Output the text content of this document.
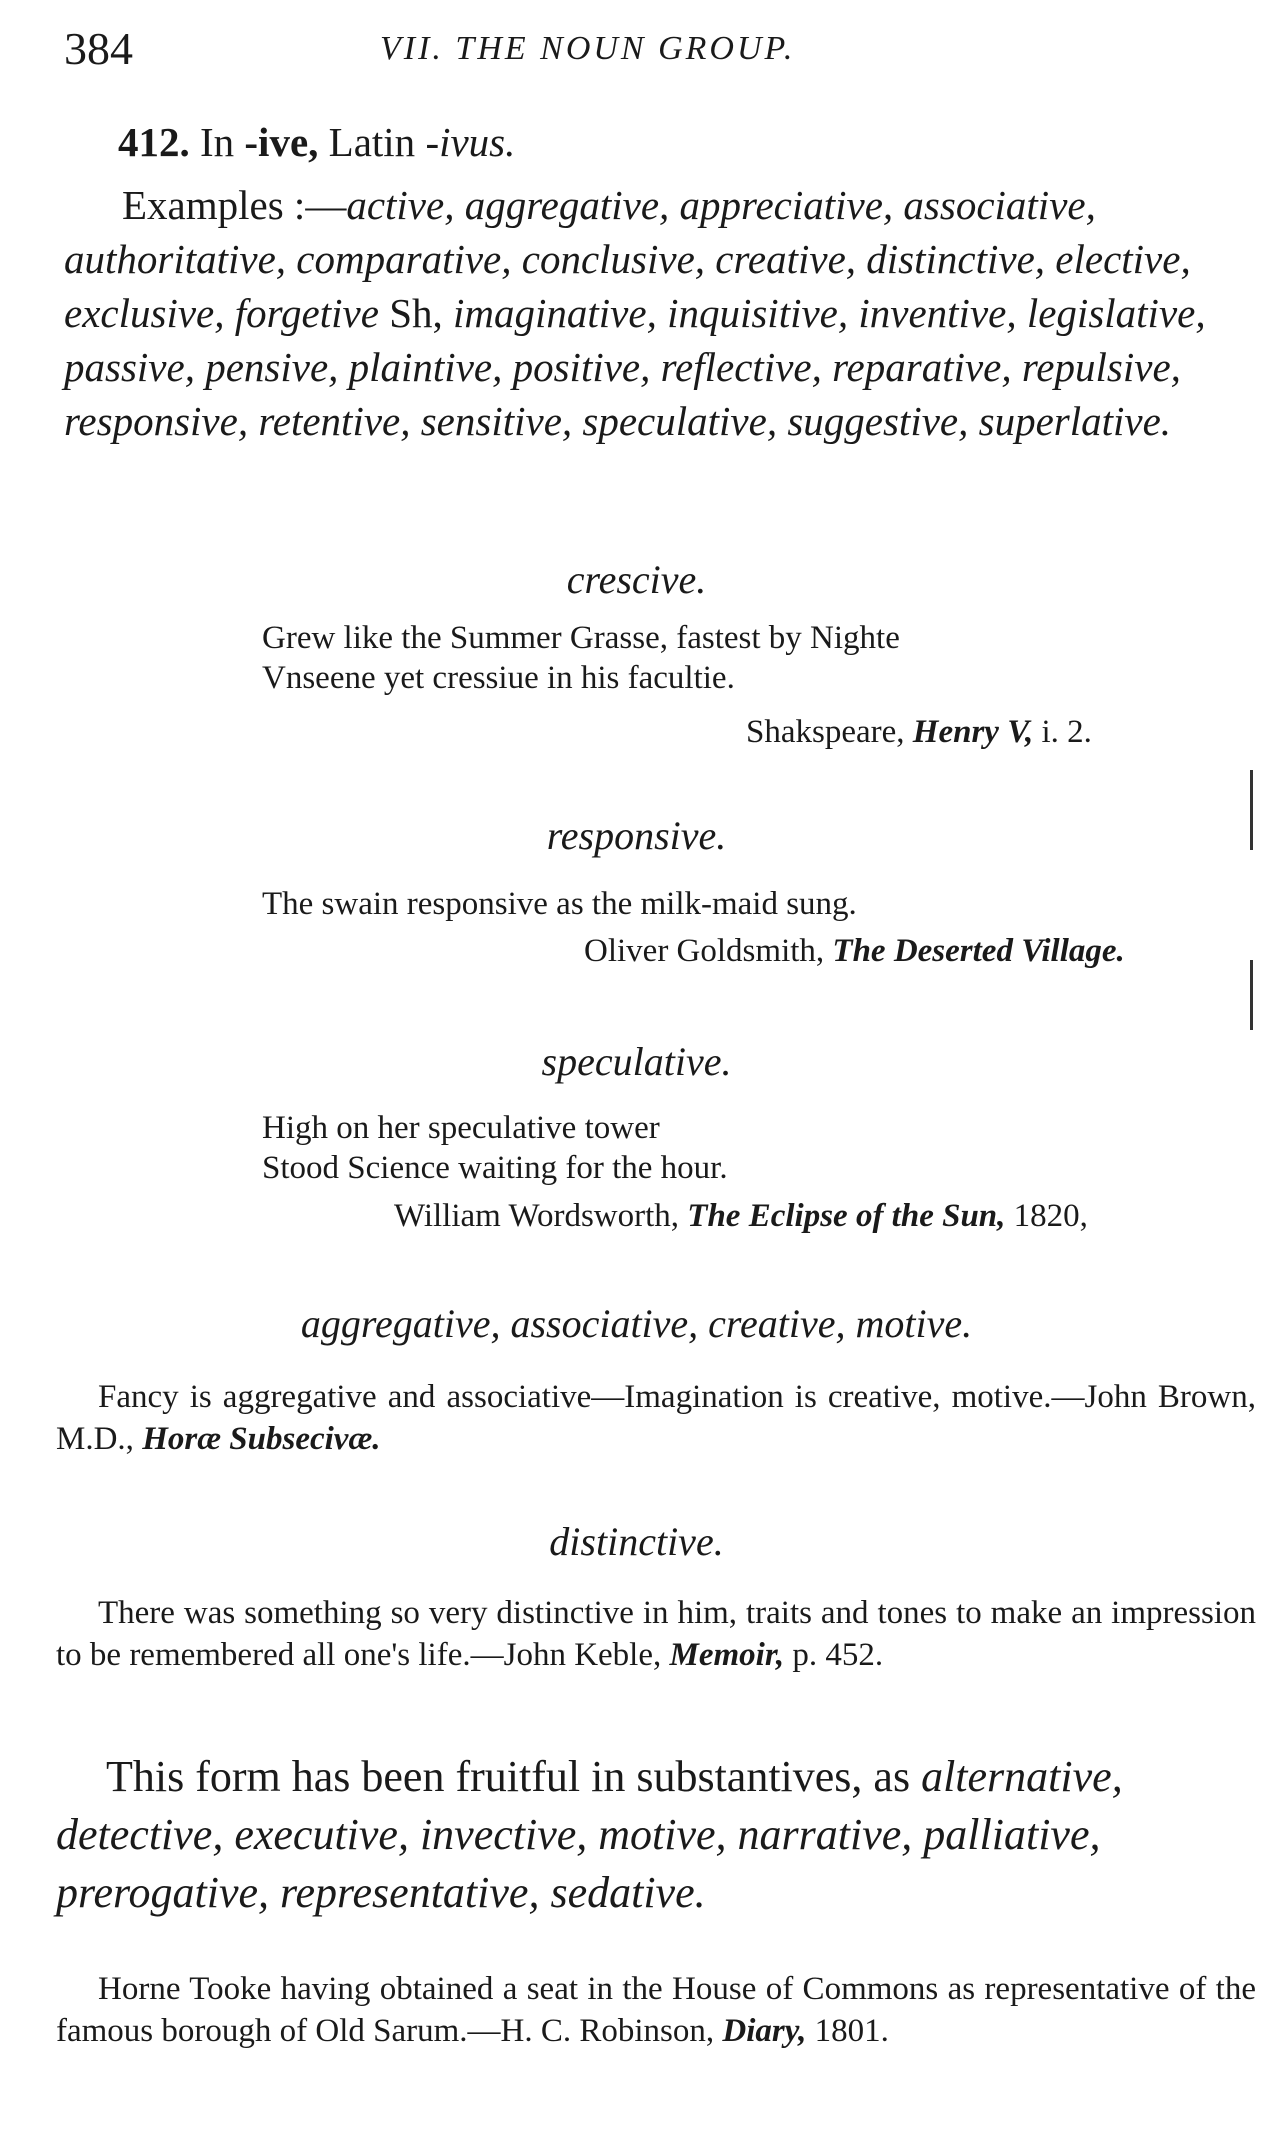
384	VII. THE NOUN GROUP.
412. In -ive, Latin -ivus.
Examples :—active, aggregative, appreciative, associative, authoritative, comparative, conclusive, creative, distinctive, elective, exclusive, forgetive Sh, imaginative, inquisitive, inventive, legislative, passive, pensive, plaintive, positive, reflective, reparative, repulsive, responsive, retentive, sensitive, speculative, suggestive, superlative.
crescive.
Grew like the Summer Grasse, fastest by Nighte
Vnseene yet cressiue in his facultie.
Shakspeare, Henry V, i. 2.
responsive.
The swain responsive as the milk-maid sung.
Oliver Goldsmith, The Deserted Village.
speculative.
High on her speculative tower
Stood Science waiting for the hour.
William Wordsworth, The Eclipse of the Sun, 1820,
aggregative, associative, creative, motive.
Fancy is aggregative and associative—Imagination is creative, motive.—John Brown, M.D., Horæ Subsecivæ.
distinctive.
There was something so very distinctive in him, traits and tones to make an impression to be remembered all one's life.—John Keble, Memoir, p. 452.
This form has been fruitful in substantives, as alternative, detective, executive, invective, motive, narrative, palliative, prerogative, representative, sedative.
Horne Tooke having obtained a seat in the House of Commons as representative of the famous borough of Old Sarum.—H. C. Robinson, Diary, 1801.
